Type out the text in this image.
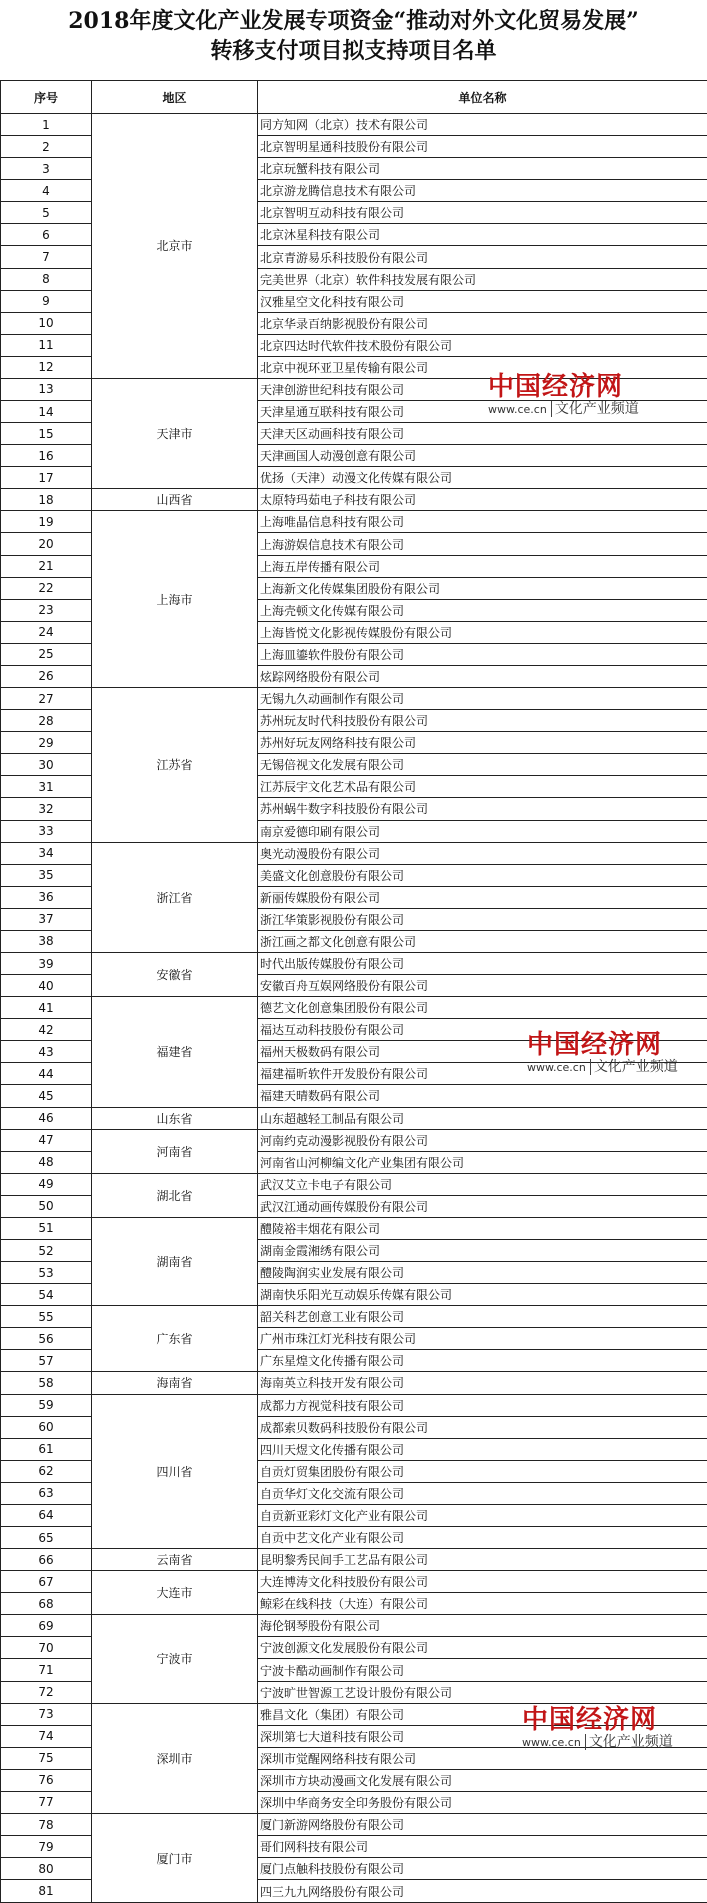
2018年度文化产业发展专项资金“推动对外文化贸易发展”
转移支付项目拟支持项目名单
序号	地区	单位名称
1	北京市	同方知网（北京）技术有限公司
2		北京智明星通科技股份有限公司
3		北京玩蟹科技有限公司
4		北京游龙腾信息技术有限公司
5		北京智明互动科技有限公司
6		北京沐星科技有限公司
7		北京青游易乐科技股份有限公司
8		完美世界（北京）软件科技发展有限公司
9		汉雅星空文化科技有限公司
10		北京华录百纳影视股份有限公司
11		北京四达时代软件技术股份有限公司
12		北京中视环亚卫星传输有限公司
13	天津市	天津创游世纪科技有限公司
14		天津星通互联科技有限公司
15		天津天区动画科技有限公司
16		天津画国人动漫创意有限公司
17		优扬（天津）动漫文化传媒有限公司
18	山西省	太原特玛茹电子科技有限公司
19	上海市	上海唯晶信息科技有限公司
20		上海游娱信息技术有限公司
21		上海五岸传播有限公司
22		上海新文化传媒集团股份有限公司
23		上海壳顿文化传媒有限公司
24		上海皆悦文化影视传媒股份有限公司
25		上海皿鎏软件股份有限公司
26		炫踪网络股份有限公司
27	江苏省	无锡九久动画制作有限公司
28		苏州玩友时代科技股份有限公司
29		苏州好玩友网络科技有限公司
30		无锡倍视文化发展有限公司
31		江苏辰宇文化艺术品有限公司
32		苏州蜗牛数字科技股份有限公司
33		南京爱德印刷有限公司
34	浙江省	奥光动漫股份有限公司
35		美盛文化创意股份有限公司
36		新丽传媒股份有限公司
37		浙江华策影视股份有限公司
38		浙江画之都文化创意有限公司
39	安徽省	时代出版传媒股份有限公司
40		安徽百舟互娱网络股份有限公司
41	福建省	德艺文化创意集团股份有限公司
42		福达互动科技股份有限公司
43		福州天极数码有限公司
44		福建福昕软件开发股份有限公司
45		福建天晴数码有限公司
46	山东省	山东超越轻工制品有限公司
47	河南省	河南约克动漫影视股份有限公司
48		河南省山河柳编文化产业集团有限公司
49	湖北省	武汉艾立卡电子有限公司
50		武汉江通动画传媒股份有限公司
51	湖南省	醴陵裕丰烟花有限公司
52		湖南金霞湘绣有限公司
53		醴陵陶润实业发展有限公司
54		湖南快乐阳光互动娱乐传媒有限公司
55	广东省	韶关科艺创意工业有限公司
56		广州市珠江灯光科技有限公司
57		广东星煌文化传播有限公司
58	海南省	海南英立科技开发有限公司
59	四川省	成都力方视觉科技有限公司
60		成都索贝数码科技股份有限公司
61		四川天煜文化传播有限公司
62		自贡灯贸集团股份有限公司
63		自贡华灯文化交流有限公司
64		自贡新亚彩灯文化产业有限公司
65		自贡中艺文化产业有限公司
66	云南省	昆明黎秀民间手工艺品有限公司
67	大连市	大连博涛文化科技股份有限公司
68		鲸彩在线科技（大连）有限公司
69	宁波市	海伦钢琴股份有限公司
70		宁波创源文化发展股份有限公司
71		宁波卡酷动画制作有限公司
72		宁波旷世智源工艺设计股份有限公司
73	深圳市	雅昌文化（集团）有限公司
74		深圳第七大道科技有限公司
75		深圳市觉醒网络科技有限公司
76		深圳市方块动漫画文化发展有限公司
77		深圳中华商务安全印务股份有限公司
78	厦门市	厦门新游网络股份有限公司
79		哥们网科技有限公司
80		厦门点触科技股份有限公司
81		四三九九网络股份有限公司
中国经济网
www.ce.cn 文化产业频道
中国经济网
www.ce.cn 文化产业频道
中国经济网
www.ce.cn 文化产业频道
